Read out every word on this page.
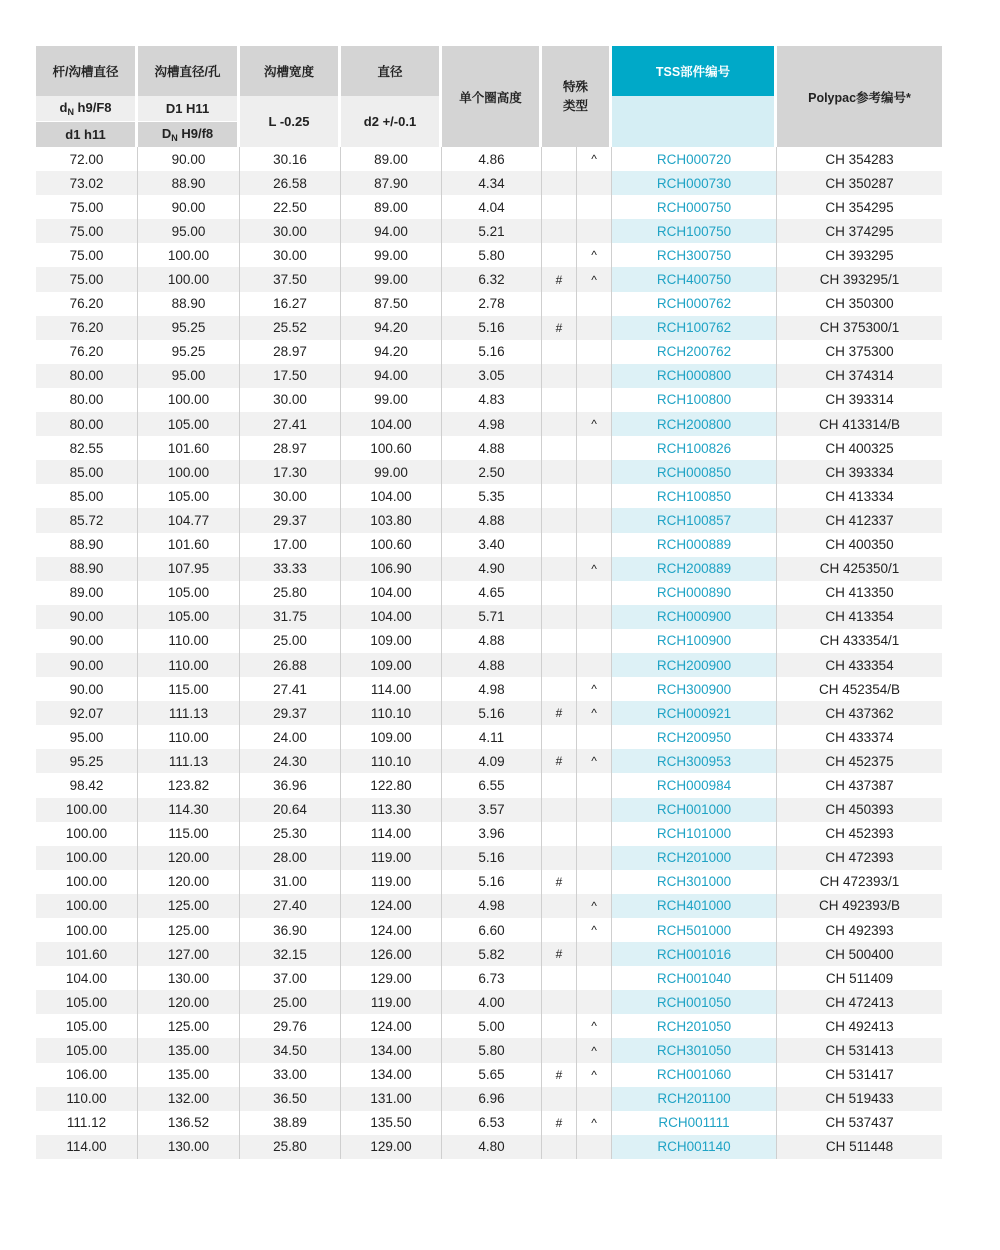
杆/沟槽直径	沟槽直径/孔	沟槽宽度	直径	单个圈高度	特殊
类型		TSS部件编号	Polypac参考编号*
$d_N$ h9/F8	D1 H11	L -0.25	d2 +/-0.1					
d1 h11	$D_N$ H9/f8							
72.00	90.00	30.16	89.00	4.86		^	RCH000720	CH 354283
73.02	88.90	26.58	87.90	4.34			RCH000730	CH 350287
75.00	90.00	22.50	89.00	4.04			RCH000750	CH 354295
75.00	95.00	30.00	94.00	5.21			RCH100750	CH 374295
75.00	100.00	30.00	99.00	5.80		^	RCH300750	CH 393295
75.00	100.00	37.50	99.00	6.32	#	^	RCH400750	CH 393295/1
76.20	88.90	16.27	87.50	2.78			RCH000762	CH 350300
76.20	95.25	25.52	94.20	5.16	#		RCH100762	CH 375300/1
76.20	95.25	28.97	94.20	5.16			RCH200762	CH 375300
80.00	95.00	17.50	94.00	3.05			RCH000800	CH 374314
80.00	100.00	30.00	99.00	4.83			RCH100800	CH 393314
80.00	105.00	27.41	104.00	4.98		^	RCH200800	CH 413314/B
82.55	101.60	28.97	100.60	4.88			RCH100826	CH 400325
85.00	100.00	17.30	99.00	2.50			RCH000850	CH 393334
85.00	105.00	30.00	104.00	5.35			RCH100850	CH 413334
85.72	104.77	29.37	103.80	4.88			RCH100857	CH 412337
88.90	101.60	17.00	100.60	3.40			RCH000889	CH 400350
88.90	107.95	33.33	106.90	4.90		^	RCH200889	CH 425350/1
89.00	105.00	25.80	104.00	4.65			RCH000890	CH 413350
90.00	105.00	31.75	104.00	5.71			RCH000900	CH 413354
90.00	110.00	25.00	109.00	4.88			RCH100900	CH 433354/1
90.00	110.00	26.88	109.00	4.88			RCH200900	CH 433354
90.00	115.00	27.41	114.00	4.98		^	RCH300900	CH 452354/B
92.07	111.13	29.37	110.10	5.16	#	^	RCH000921	CH 437362
95.00	110.00	24.00	109.00	4.11			RCH200950	CH 433374
95.25	111.13	24.30	110.10	4.09	#	^	RCH300953	CH 452375
98.42	123.82	36.96	122.80	6.55			RCH000984	CH 437387
100.00	114.30	20.64	113.30	3.57			RCH001000	CH 450393
100.00	115.00	25.30	114.00	3.96			RCH101000	CH 452393
100.00	120.00	28.00	119.00	5.16			RCH201000	CH 472393
100.00	120.00	31.00	119.00	5.16	#		RCH301000	CH 472393/1
100.00	125.00	27.40	124.00	4.98		^	RCH401000	CH 492393/B
100.00	125.00	36.90	124.00	6.60		^	RCH501000	CH 492393
101.60	127.00	32.15	126.00	5.82	#		RCH001016	CH 500400
104.00	130.00	37.00	129.00	6.73			RCH001040	CH 511409
105.00	120.00	25.00	119.00	4.00			RCH001050	CH 472413
105.00	125.00	29.76	124.00	5.00		^	RCH201050	CH 492413
105.00	135.00	34.50	134.00	5.80		^	RCH301050	CH 531413
106.00	135.00	33.00	134.00	5.65	#	^	RCH001060	CH 531417
110.00	132.00	36.50	131.00	6.96			RCH201100	CH 519433
111.12	136.52	38.89	135.50	6.53	#	^	RCH001111	CH 537437
114.00	130.00	25.80	129.00	4.80			RCH001140	CH 511448
